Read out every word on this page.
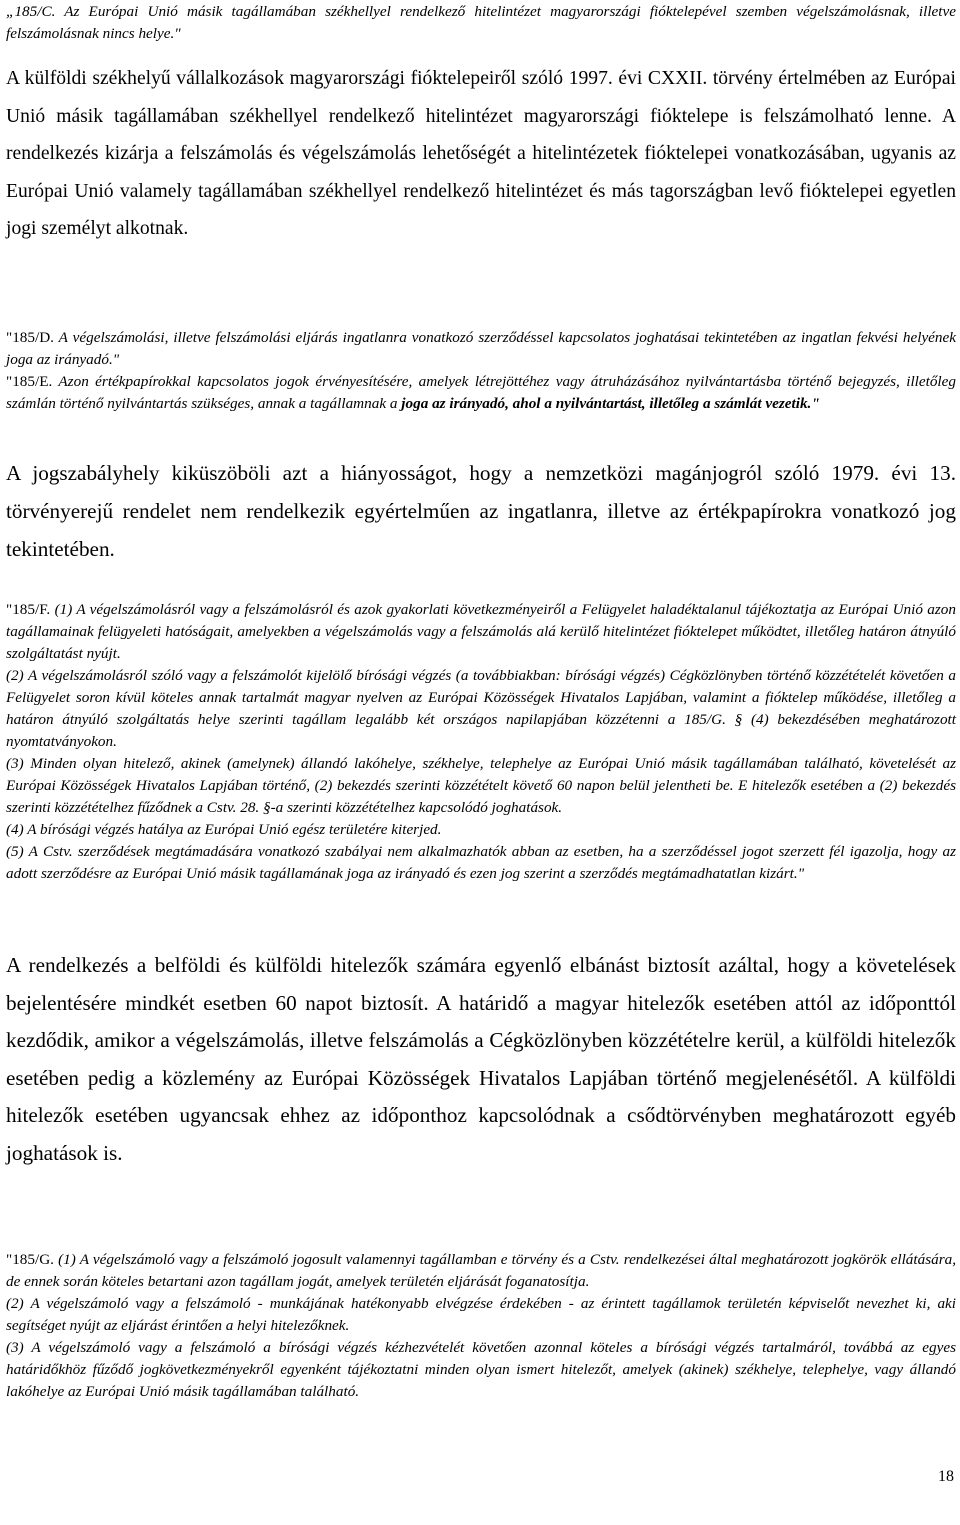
„185/C. Az Európai Unió másik tagállamában székhellyel rendelkező hitelintézet magyarországi fióktelepével szemben végelszámolásnak, illetve felszámolásnak nincs helye."

A külföldi székhelyű vállalkozások magyarországi fióktelepeiről szóló 1997. évi CXXII. törvény értelmében az Európai Unió másik tagállamában székhellyel rendelkező hitelintézet magyarországi fióktelepe is felszámolható lenne. A rendelkezés kizárja a felszámolás és végelszámolás lehetőségét a hitelintézetek fióktelepei vonatkozásában, ugyanis az Európai Unió valamely tagállamában székhellyel rendelkező hitelintézet és más tagországban levő fióktelepei egyetlen jogi személyt alkotnak.

"185/D. A végelszámolási, illetve felszámolási eljárás ingatlanra vonatkozó szerződéssel kapcsolatos joghatásai tekintetében az ingatlan fekvési helyének joga az irányadó."

"185/E. Azon értékpapírokkal kapcsolatos jogok érvényesítésére, amelyek létrejöttéhez vagy átruházásához nyilvántartásba történő bejegyzés, illetőleg számlán történő nyilvántartás szükséges, annak a tagállamnak a joga az irányadó, ahol a nyilvántartást, illetőleg a számlát vezetik."

A jogszabályhely kiküszöböli azt a hiányosságot, hogy a nemzetközi magánjogról szóló 1979. évi 13. törvényerejű rendelet nem rendelkezik egyértelműen az ingatlanra, illetve az értékpapírokra vonatkozó jog tekintetében.

"185/F. (1) A végelszámolásról vagy a felszámolásról és azok gyakorlati következményeiről a Felügyelet haladéktalanul tájékoztatja az Európai Unió azon tagállamainak felügyeleti hatóságait, amelyekben a végelszámolás vagy a felszámolás alá kerülő hitelintézet fióktelepet működtet, illetőleg határon átnyúló szolgáltatást nyújt.
(2) A végelszámolásról szóló vagy a felszámolót kijelölő bírósági végzés (a továbbiakban: bírósági végzés) Cégközlönyben történő közzétételét követően a Felügyelet soron kívül köteles annak tartalmát magyar nyelven az Európai Közösségek Hivatalos Lapjában, valamint a fióktelep működése, illetőleg a határon átnyúló szolgáltatás helye szerinti tagállam legalább két országos napilapjában közzétenni a 185/G. § (4) bekezdésében meghatározott nyomtatványokon.
(3) Minden olyan hitelező, akinek (amelynek) állandó lakóhelye, székhelye, telephelye az Európai Unió másik tagállamában található, követelését az Európai Közösségek Hivatalos Lapjában történő, (2) bekezdés szerinti közzétételt követő 60 napon belül jelentheti be. E hitelezők esetében a (2) bekezdés szerinti közzétételhez fűződnek a Cstv. 28. §-a szerinti közzétételhez kapcsolódó joghatások.
(4) A bírósági végzés hatálya az Európai Unió egész területére kiterjed.
(5) A Cstv. szerződések megtámadására vonatkozó szabályai nem alkalmazhatók abban az esetben, ha a szerződéssel jogot szerzett fél igazolja, hogy az adott szerződésre az Európai Unió másik tagállamának joga az irányadó és ezen jog szerint a szerződés megtámadhatatlan kizárt."

A rendelkezés a belföldi és külföldi hitelezők számára egyenlő elbánást biztosít azáltal, hogy a követelések bejelentésére mindkét esetben 60 napot biztosít. A határidő a magyar hitelezők esetében attól az időponttól kezdődik, amikor a végelszámolás, illetve felszámolás a Cégközlönyben közzétételre kerül, a külföldi hitelezők esetében pedig a közlemény az Európai Közösségek Hivatalos Lapjában történő megjelenésétől. A külföldi hitelezők esetében ugyancsak ehhez az időponthoz kapcsolódnak a csődtörvényben meghatározott egyéb joghatások is.

"185/G. (1) A végelszámoló vagy a felszámoló jogosult valamennyi tagállamban e törvény és a Cstv. rendelkezései által meghatározott jogkörök ellátására, de ennek során köteles betartani azon tagállam jogát, amelyek területén eljárását foganatosítja.
(2) A végelszámoló vagy a felszámoló - munkájának hatékonyabb elvégzése érdekében - az érintett tagállamok területén képviselőt nevezhet ki, aki segítséget nyújt az eljárást érintően a helyi hitelezőknek.
(3) A végelszámoló vagy a felszámoló a bírósági végzés kézhezvételét követően azonnal köteles a bírósági végzés tartalmáról, továbbá az egyes határidőkhöz fűződő jogkövetkezményekről egyenként tájékoztatni minden olyan ismert hitelezőt, amelyek (akinek) székhelye, telephelye, vagy állandó lakóhelye az Európai Unió másik tagállamában található.

18
